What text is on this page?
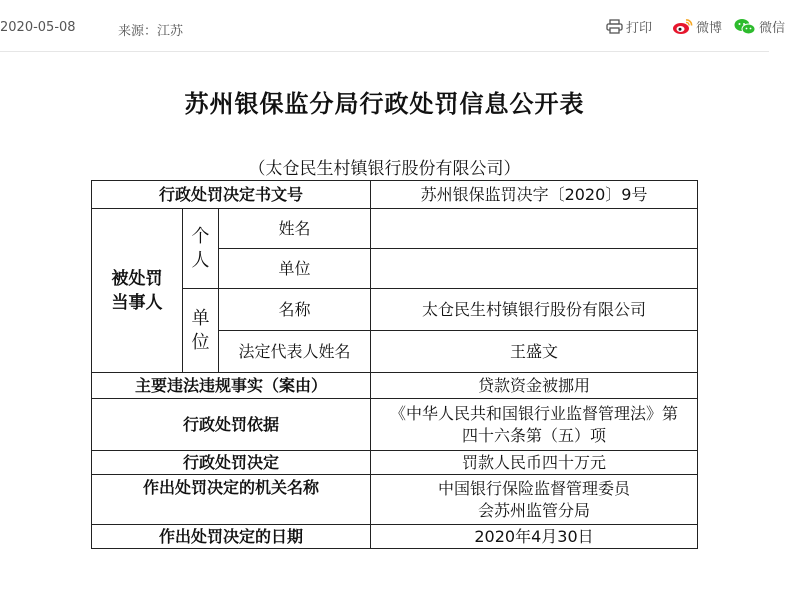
2020-05-08	来源：江苏	打印	微博	微信
苏州银保监分局行政处罚信息公开表
（太仓民生村镇银行股份有限公司）
行政处罚决定书文号			苏州银保监罚决字〔2020〕9号
被处罚当事人	个人	姓名	
		单位	
	单位	名称	太仓民生村镇银行股份有限公司
		法定代表人姓名	王盛文
主要违法违规事实（案由）			贷款资金被挪用
行政处罚依据			《中华人民共和国银行业监督管理法》第四十六条第（五）项
行政处罚决定			罚款人民币四十万元
作出处罚决定的机关名称			中国银行保险监督管理委员会苏州监管分局
作出处罚决定的日期			2020年4月30日
